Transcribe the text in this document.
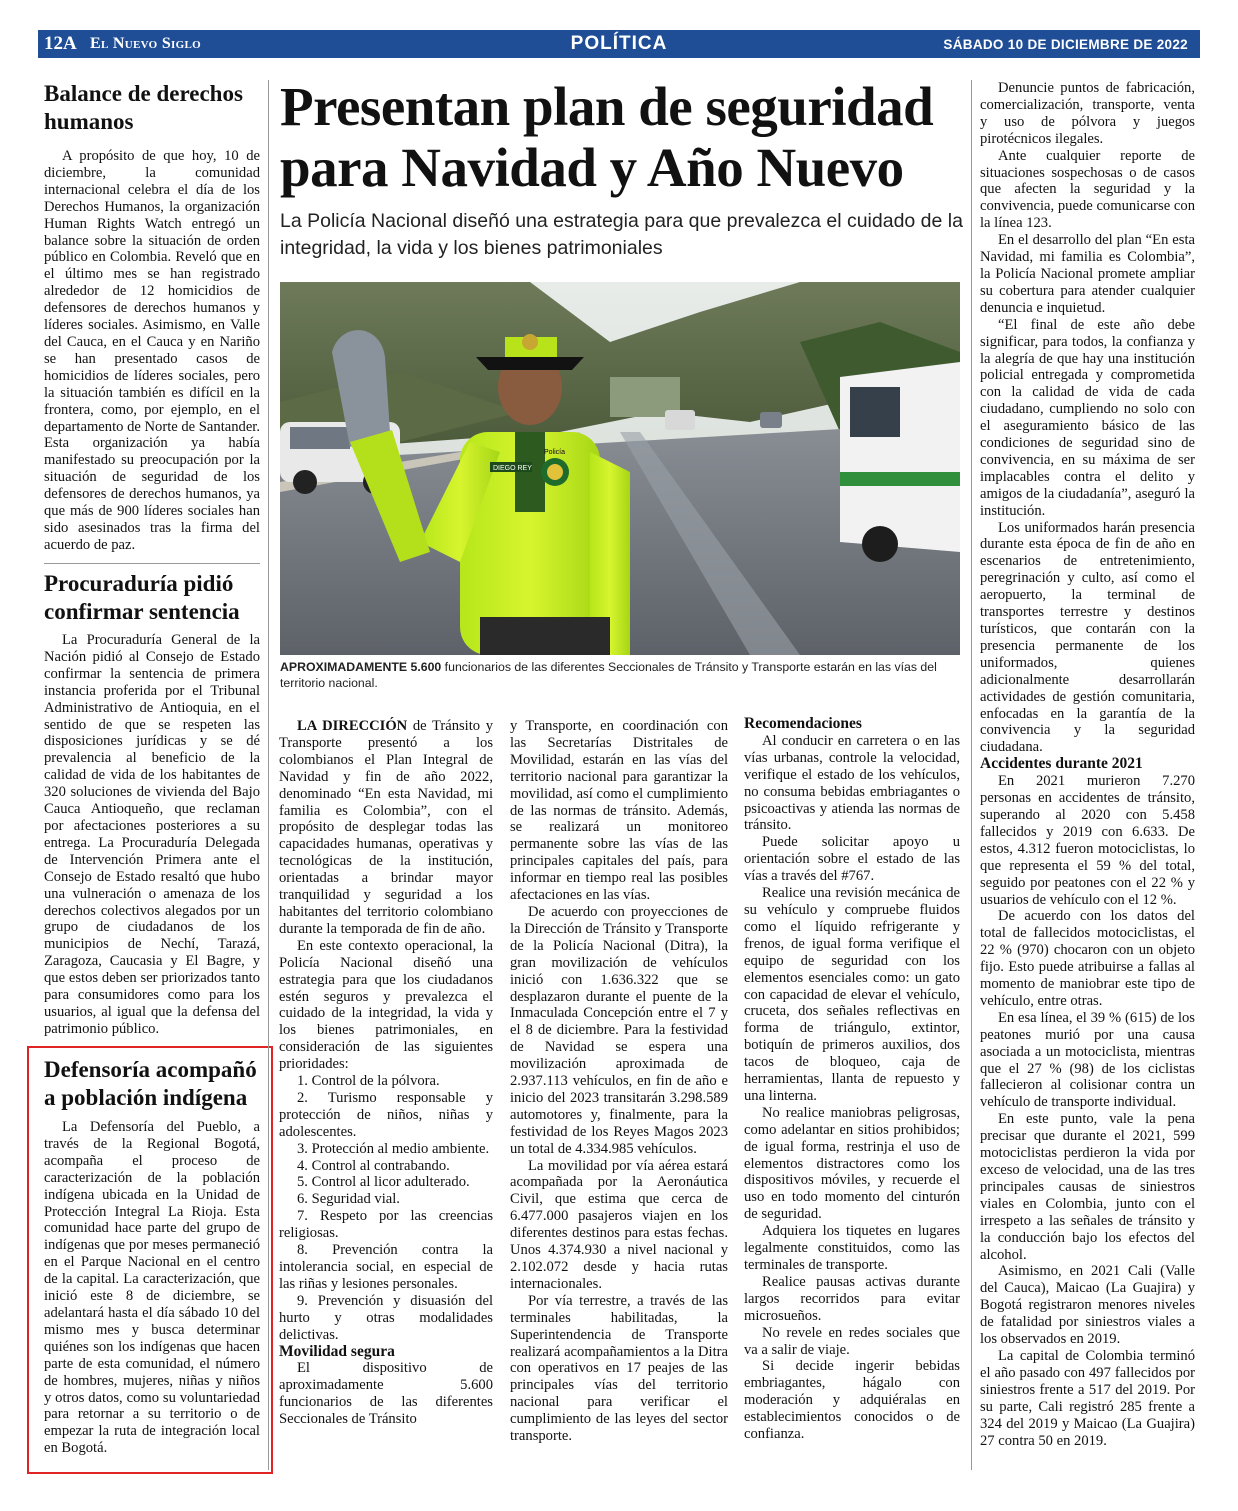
12A El Nuevo Siglo	POLÍTICA	SÁBADO 10 DE DICIEMBRE DE 2022
Balance de derechos humanos

A propósito de que hoy, 10 de diciembre, la comunidad internacional celebra el día de los Derechos Humanos, la organización Human Rights Watch entregó un balance sobre la situación de orden público en Colombia. Reveló que en el último mes se han registrado alrededor de 12 homicidios de defensores de derechos humanos y líderes sociales. Asimismo, en Valle del Cauca, en el Cauca y en Nariño se han presentado casos de homicidios de líderes sociales, pero la situación también es difícil en la frontera, como, por ejemplo, en el departamento de Norte de Santander. Esta organización ya había manifestado su preocupación por la situación de seguridad de los defensores de derechos humanos, ya que más de 900 líderes sociales han sido asesinados tras la firma del acuerdo de paz.

Procuraduría pidió confirmar sentencia

La Procuraduría General de la Nación pidió al Consejo de Estado confirmar la sentencia de primera instancia proferida por el Tribunal Administrativo de Antioquia, en el sentido de que se respeten las disposiciones jurídicas y se dé prevalencia al beneficio de la calidad de vida de los habitantes de 320 soluciones de vivienda del Bajo Cauca Antioqueño, que reclaman por afectaciones posteriores a su entrega. La Procuraduría Delegada de Intervención Primera ante el Consejo de Estado resaltó que hubo una vulneración o amenaza de los derechos colectivos alegados por un grupo de ciudadanos de los municipios de Nechí, Tarazá, Zaragoza, Caucasia y El Bagre, y que estos deben ser priorizados tanto para consumidores como para los usuarios, al igual que la defensa del patrimonio público.

Defensoría acompañó a población indígena

La Defensoría del Pueblo, a través de la Regional Bogotá, acompaña el proceso de caracterización de la población indígena ubicada en la Unidad de Protección Integral La Rioja. Esta comunidad hace parte del grupo de indígenas que por meses permaneció en el Parque Nacional en el centro de la capital. La caracterización, que inició este 8 de diciembre, se adelantará hasta el día sábado 10 del mismo mes y busca determinar quiénes son los indígenas que hacen parte de esta comunidad, el número de hombres, mujeres, niñas y niños y otros datos, como su voluntariedad para retornar a su territorio o de empezar la ruta de integración local en Bogotá.

Presentan plan de seguridad para Navidad y Año Nuevo
La Policía Nacional diseñó una estrategia para que prevalezca el cuidado de la integridad, la vida y los bienes patrimoniales
Policía
DIEGO REY
APROXIMADAMENTE 5.600 funcionarios de las diferentes Seccionales de Tránsito y Transporte estarán en las vías del territorio nacional.

LA DIRECCIÓN de Tránsito y Transporte presentó a los colombianos el Plan Integral de Navidad y fin de año 2022, denominado “En esta Navidad, mi familia es Colombia”, con el propósito de desplegar todas las capacidades humanas, operativas y tecnológicas de la institución, orientadas a brindar mayor tranquilidad y seguridad a los habitantes del territorio colombiano durante la temporada de fin de año.

En este contexto operacional, la Policía Nacional diseñó una estrategia para que los ciudadanos estén seguros y prevalezca el cuidado de la integridad, la vida y los bienes patrimoniales, en consideración de las siguientes prioridades:

1. Control de la pólvora.

2. Turismo responsable y protección de niños, niñas y adolescentes.

3. Protección al medio ambiente.

4. Control al contrabando.

5. Control al licor adulterado.

6. Seguridad vial.

7. Respeto por las creencias religiosas.

8. Prevención contra la intolerancia social, en especial de las riñas y lesiones personales.

9. Prevención y disuasión del hurto y otras modalidades delictivas.

Movilidad segura

El dispositivo de aproximadamente 5.600 funcionarios de las diferentes Seccionales de Tránsito

y Transporte, en coordinación con las Secretarías Distritales de Movilidad, estarán en las vías del territorio nacional para garantizar la movilidad, así como el cumplimiento de las normas de tránsito. Además, se realizará un monitoreo permanente sobre las vías de las principales capitales del país, para informar en tiempo real las posibles afectaciones en las vías.

De acuerdo con proyecciones de la Dirección de Tránsito y Transporte de la Policía Nacional (Ditra), la gran movilización de vehículos inició con 1.636.322 que se desplazaron durante el puente de la Inmaculada Concepción entre el 7 y el 8 de diciembre. Para la festividad de Navidad se espera una movilización aproximada de 2.937.113 vehículos, en fin de año e inicio del 2023 transitarán 3.298.589 automotores y, finalmente, para la festividad de los Reyes Magos 2023 un total de 4.334.985 vehículos.

La movilidad por vía aérea estará acompañada por la Aeronáutica Civil, que estima que cerca de 6.477.000 pasajeros viajen en los diferentes destinos para estas fechas. Unos 4.374.930 a nivel nacional y 2.102.072 desde y hacia rutas internacionales.

Por vía terrestre, a través de las terminales habilitadas, la Superintendencia de Transporte realizará acompañamientos a la Ditra con operativos en 17 peajes de las principales vías del territorio nacional para verificar el cumplimiento de las leyes del sector transporte.

Recomendaciones

Al conducir en carretera o en las vías urbanas, controle la velocidad, verifique el estado de los vehículos, no consuma bebidas embriagantes o psicoactivas y atienda las normas de tránsito.

Puede solicitar apoyo u orientación sobre el estado de las vías a través del #767.

Realice una revisión mecánica de su vehículo y compruebe fluidos como el líquido refrigerante y frenos, de igual forma verifique el equipo de seguridad con los elementos esenciales como: un gato con capacidad de elevar el vehículo, cruceta, dos señales reflectivas en forma de triángulo, extintor, botiquín de primeros auxilios, dos tacos de bloqueo, caja de herramientas, llanta de repuesto y una linterna.

No realice maniobras peligrosas, como adelantar en sitios prohibidos; de igual forma, restrinja el uso de elementos distractores como los dispositivos móviles, y recuerde el uso en todo momento del cinturón de seguridad.

Adquiera los tiquetes en lugares legalmente constituidos, como las terminales de transporte.

Realice pausas activas durante largos recorridos para evitar microsueños.

No revele en redes sociales que va a salir de viaje.

Si decide ingerir bebidas embriagantes, hágalo con moderación y adquiéralas en establecimientos conocidos o de confianza.

Denuncie puntos de fabricación, comercialización, transporte, venta y uso de pólvora y juegos pirotécnicos ilegales.

Ante cualquier reporte de situaciones sospechosas o de casos que afecten la seguridad y la convivencia, puede comunicarse con la línea 123.

En el desarrollo del plan “En esta Navidad, mi familia es Colombia”, la Policía Nacional promete ampliar su cobertura para atender cualquier denuncia e inquietud.

“El final de este año debe significar, para todos, la confianza y la alegría de que hay una institución policial entregada y comprometida con la calidad de vida de cada ciudadano, cumpliendo no solo con el aseguramiento básico de las condiciones de seguridad sino de convivencia, en su máxima de ser implacables contra el delito y amigos de la ciudadanía”, aseguró la institución.

Los uniformados harán presencia durante esta época de fin de año en escenarios de entretenimiento, peregrinación y culto, así como el aeropuerto, la terminal de transportes terrestre y destinos turísticos, que contarán con la presencia permanente de los uniformados, quienes adicionalmente desarrollarán actividades de gestión comunitaria, enfocadas en la garantía de la convivencia y la seguridad ciudadana.

Accidentes durante 2021

En 2021 murieron 7.270 personas en accidentes de tránsito, superando al 2020 con 5.458 fallecidos y 2019 con 6.633. De estos, 4.312 fueron motociclistas, lo que representa el 59 % del total, seguido por peatones con el 22 % y usuarios de vehículo con el 12 %.

De acuerdo con los datos del total de fallecidos motociclistas, el 22 % (970) chocaron con un objeto fijo. Esto puede atribuirse a fallas al momento de maniobrar este tipo de vehículo, entre otras.

En esa línea, el 39 % (615) de los peatones murió por una causa asociada a un motociclista, mientras que el 27 % (98) de los ciclistas fallecieron al colisionar contra un vehículo de transporte individual.

En este punto, vale la pena precisar que durante el 2021, 599 motociclistas perdieron la vida por exceso de velocidad, una de las tres principales causas de siniestros viales en Colombia, junto con el irrespeto a las señales de tránsito y la conducción bajo los efectos del alcohol.

Asimismo, en 2021 Cali (Valle del Cauca), Maicao (La Guajira) y Bogotá registraron menores niveles de fatalidad por siniestros viales a los observados en 2019.

La capital de Colombia terminó el año pasado con 497 fallecidos por siniestros frente a 517 del 2019. Por su parte, Cali registró 285 frente a 324 del 2019 y Maicao (La Guajira) 27 contra 50 en 2019.
